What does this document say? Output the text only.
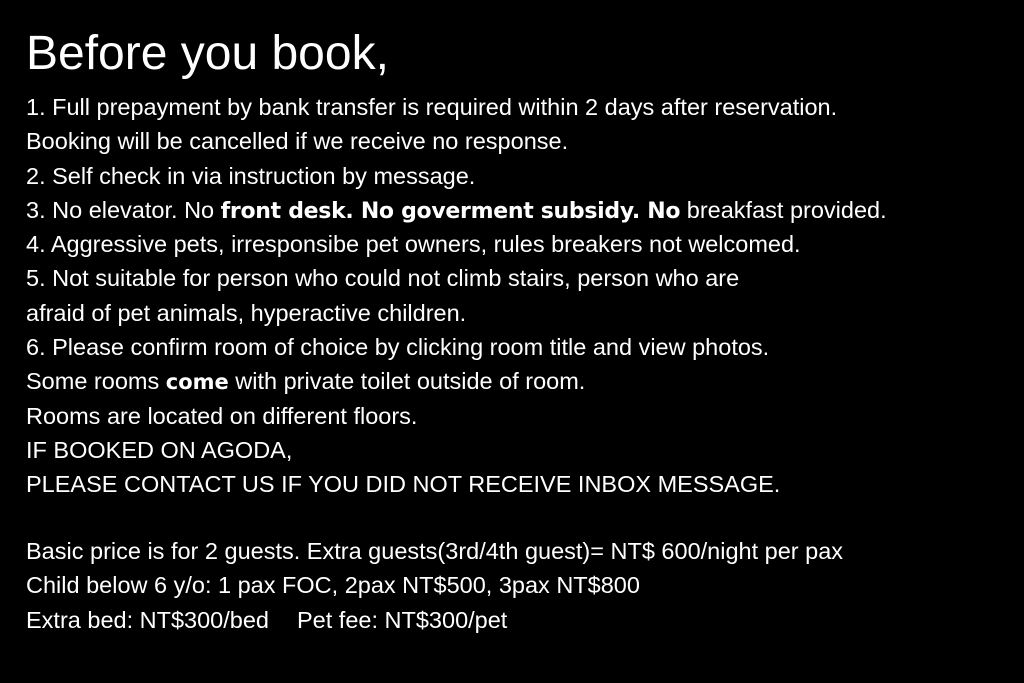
Before you book,
1. Full prepayment by bank transfer is required within 2 days after reservation.
Booking will be cancelled if we receive no response.
2. Self check in via instruction by message.
3. No elevator. No front desk. No goverment subsidy. No breakfast provided.
4. Aggressive pets, irresponsibe pet owners, rules breakers not welcomed.
5. Not suitable for person who could not climb stairs, person who are
afraid of pet animals, hyperactive children.
6. Please confirm room of choice by clicking room title and view photos.
Some rooms come with private toilet outside of room.
Rooms are located on different floors.
IF BOOKED ON AGODA,
PLEASE CONTACT US IF YOU DID NOT RECEIVE INBOX MESSAGE.
Basic price is for 2 guests. Extra guests(3rd/4th guest)= NT$ 600/night per pax
Child below 6 y/o: 1 pax FOC, 2pax NT$500, 3pax NT$800
Extra bed: NT$300/bed Pet fee: NT$300/pet
